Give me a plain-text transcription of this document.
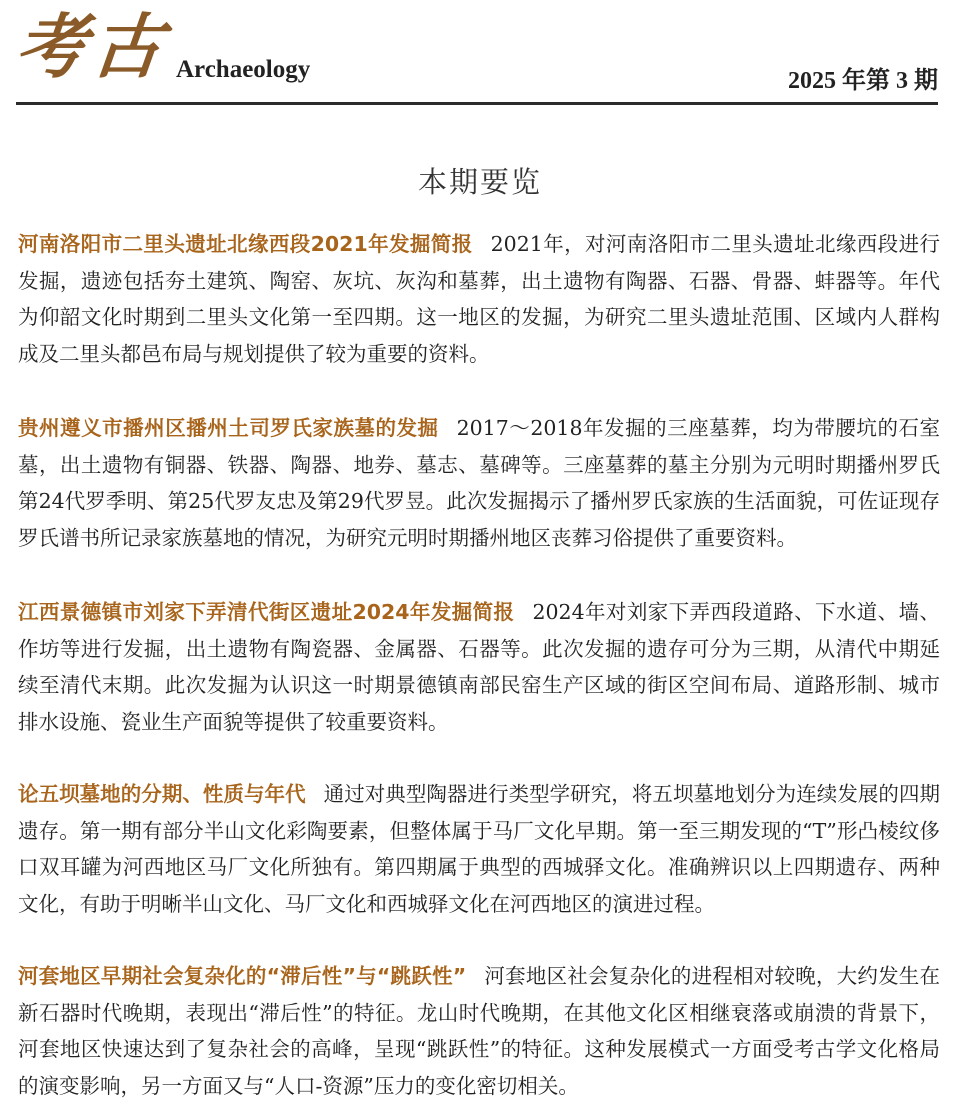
考古 Archaeology	2025 年第 3 期
本期要览

河南洛阳市二里头遗址北缘西段2021年发掘简报 2021年，对河南洛阳市二里头遗址北缘西段进行发掘，遗迹包括夯土建筑、陶窑、灰坑、灰沟和墓葬，出土遗物有陶器、石器、骨器、蚌器等。年代为仰韶文化时期到二里头文化第一至四期。这一地区的发掘，为研究二里头遗址范围、区域内人群构成及二里头都邑布局与规划提供了较为重要的资料。

贵州遵义市播州区播州土司罗氏家族墓的发掘 2017～2018年发掘的三座墓葬，均为带腰坑的石室墓，出土遗物有铜器、铁器、陶器、地券、墓志、墓碑等。三座墓葬的墓主分别为元明时期播州罗氏第24代罗季明、第25代罗友忠及第29代罗昱。此次发掘揭示了播州罗氏家族的生活面貌，可佐证现存罗氏谱书所记录家族墓地的情况，为研究元明时期播州地区丧葬习俗提供了重要资料。

江西景德镇市刘家下弄清代街区遗址2024年发掘简报 2024年对刘家下弄西段道路、下水道、墙、作坊等进行发掘，出土遗物有陶瓷器、金属器、石器等。此次发掘的遗存可分为三期，从清代中期延续至清代末期。此次发掘为认识这一时期景德镇南部民窑生产区域的街区空间布局、道路形制、城市排水设施、瓷业生产面貌等提供了较重要资料。

论五坝墓地的分期、性质与年代 通过对典型陶器进行类型学研究，将五坝墓地划分为连续发展的四期遗存。第一期有部分半山文化彩陶要素，但整体属于马厂文化早期。第一至三期发现的“T”形凸棱纹侈口双耳罐为河西地区马厂文化所独有。第四期属于典型的西城驿文化。准确辨识以上四期遗存、两种文化，有助于明晰半山文化、马厂文化和西城驿文化在河西地区的演进过程。

河套地区早期社会复杂化的“滞后性”与“跳跃性” 河套地区社会复杂化的进程相对较晚，大约发生在新石器时代晚期，表现出“滞后性”的特征。龙山时代晚期，在其他文化区相继衰落或崩溃的背景下，河套地区快速达到了复杂社会的高峰，呈现“跳跃性”的特征。这种发展模式一方面受考古学文化格局的演变影响，另一方面又与“人口-资源”压力的变化密切相关。
